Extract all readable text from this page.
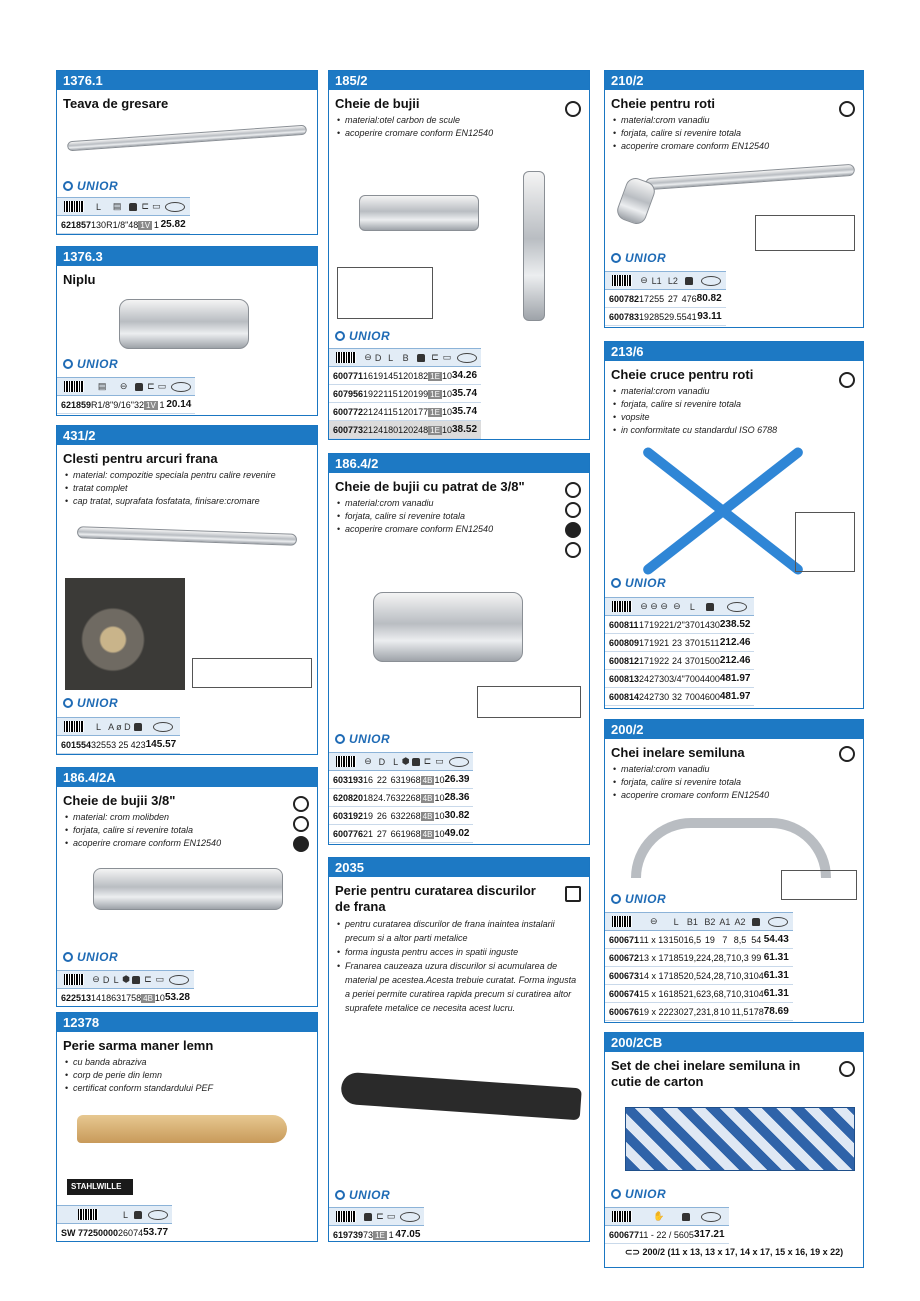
1376.1
Teava de gresare
UNIOR
	L	▤		⊏	▭	
621857	130	R1/8"	48	1V	1	25.82
1376.3
Niplu
UNIOR
	▤	⊖		⊏	▭	
621859	R1/8"	9/16"	32	1V	1	20.14
431/2
Clesti pentru arcuri frana
• material: compozitie speciala pentru calire revenire
• tratat complet
• cap tratat, suprafata fosfatata, finisare:cromare
UNIOR
	L	A	ø D		
601554	325	53	25	423	145.57
186.4/2A
Cheie de bujii 3/8"
• material: crom molibden
• forjata, calire si revenire totala
• acoperire cromare conform EN12540
UNIOR
	⊖	D	L	⬢		⊏	▭	
622513	14	18	63	17	58	4B	10	53.28
12378
Perie sarma maner lemn
• cu banda abraziva
• corp de perie din lemn
• certificat conform standardului PEF
STAHLWILLE
	L		
SW 77250000	260	74	53.77
185/2
Cheie de bujii
• material:otel carbon de scule
• acoperire cromare conform EN12540
UNIOR
	⊖	D	L	B		⊏	▭	
600771	16	19	145	120	182	1E	10	34.26
607956	19	22	115	120	199	1E	10	35.74
600772	21	24	115	120	177	1E	10	35.74
600773	21	24	180	120	248	1E	10	38.52
186.4/2
Cheie de bujii cu patrat de 3/8"
• material:crom vanadiu
• forjata, calire si revenire totala
• acoperire cromare conform EN12540
UNIOR
	⊖	D	L	⬢		⊏	▭	
603193	16	22	63	19	68	4B	10	26.39
620820	18	24.7	63	22	68	4B	10	28.36
603192	19	26	63	22	68	4B	10	30.82
600776	21	27	66	19	68	4B	10	49.02
2035
Perie pentru curatarea discurilor de frana
• pentru curatarea discurilor de frana inaintea instalarii precum si a altor parti metalice
• forma ingusta pentru acces in spatii inguste
• Franarea cauzeaza uzura discurilor si acumularea de material pe acestea.Acesta trebuie curatat. Forma ingusta a periei permite curatirea rapida precum si curatirea altor suprafete metalice ce necesita acest lucru.
UNIOR
		⊏	▭	
619739	73	1E	1	47.05
210/2
Cheie pentru roti
• material:crom vanadiu
• forjata, calire si revenire totala
• acoperire cromare conform EN12540
UNIOR
	⊖	L1	L2		
600782	17	255	27	476	80.82
600783	19	285	29.5	541	93.11
213/6
Cheie cruce pentru roti
• material:crom vanadiu
• forjata, calire si revenire totala
• vopsite
• in conformitate cu standardul ISO 6788
UNIOR
	⊖	⊖	⊖	⊖	L		
600811	17	19	22	1/2"	370	1430	238.52
600809	17	19	21	23	370	1511	212.46
600812	17	19	22	24	370	1500	212.46
600813	24	27	30	3/4"	700	4400	481.97
600814	24	27	30	32	700	4600	481.97
200/2
Chei inelare semiluna
• material:crom vanadiu
• forjata, calire si revenire totala
• acoperire cromare conform EN12540
UNIOR
	⊖	L	B1	B2	A1	A2		
600671	11 x 13	150	16,5	19	7	8,5	54	54.43
600672	13 x 17	185	19,2	24,2	8,7	10,3	99	61.31
600673	14 x 17	185	20,5	24,2	8,7	10,3	104	61.31
600674	15 x 16	185	21,6	23,6	8,7	10,3	104	61.31
600676	19 x 22	230	27,2	31,8	10	11,5	178	78.69
200/2CB
Set de chei inelare semiluna in cutie de carton
UNIOR
	✋		
600677	11 - 22 / 5	605	317.21
⊂⊃ 200/2 (11 x 13, 13 x 17, 14 x 17, 15 x 16, 19 x 22)
